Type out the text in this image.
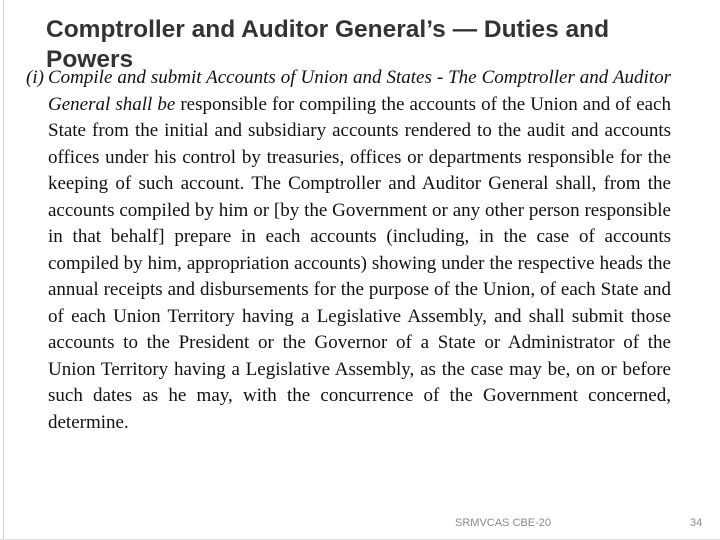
Comptroller and Auditor General’s — Duties and Powers
(i) Compile and submit Accounts of Union and States - The Comptroller and Auditor General shall be responsible for compiling the accounts of the Union and of each State from the initial and subsidiary accounts rendered to the audit and accounts offices under his control by treasuries, offices or departments responsible for the keeping of such account. The Comptroller and Auditor General shall, from the accounts compiled by him or [by the Government or any other person responsible in that behalf] prepare in each accounts (including, in the case of accounts compiled by him, appropriation accounts) showing under the respective heads the annual receipts and disbursements for the purpose of the Union, of each State and of each Union Territory having a Legislative Assembly, and shall submit those accounts to the President or the Governor of a State or Administrator of the Union Territory having a Legislative Assembly, as the case may be, on or before such dates as he may, with the concurrence of the Government concerned, determine.

SRMVCAS CBE-20	34
